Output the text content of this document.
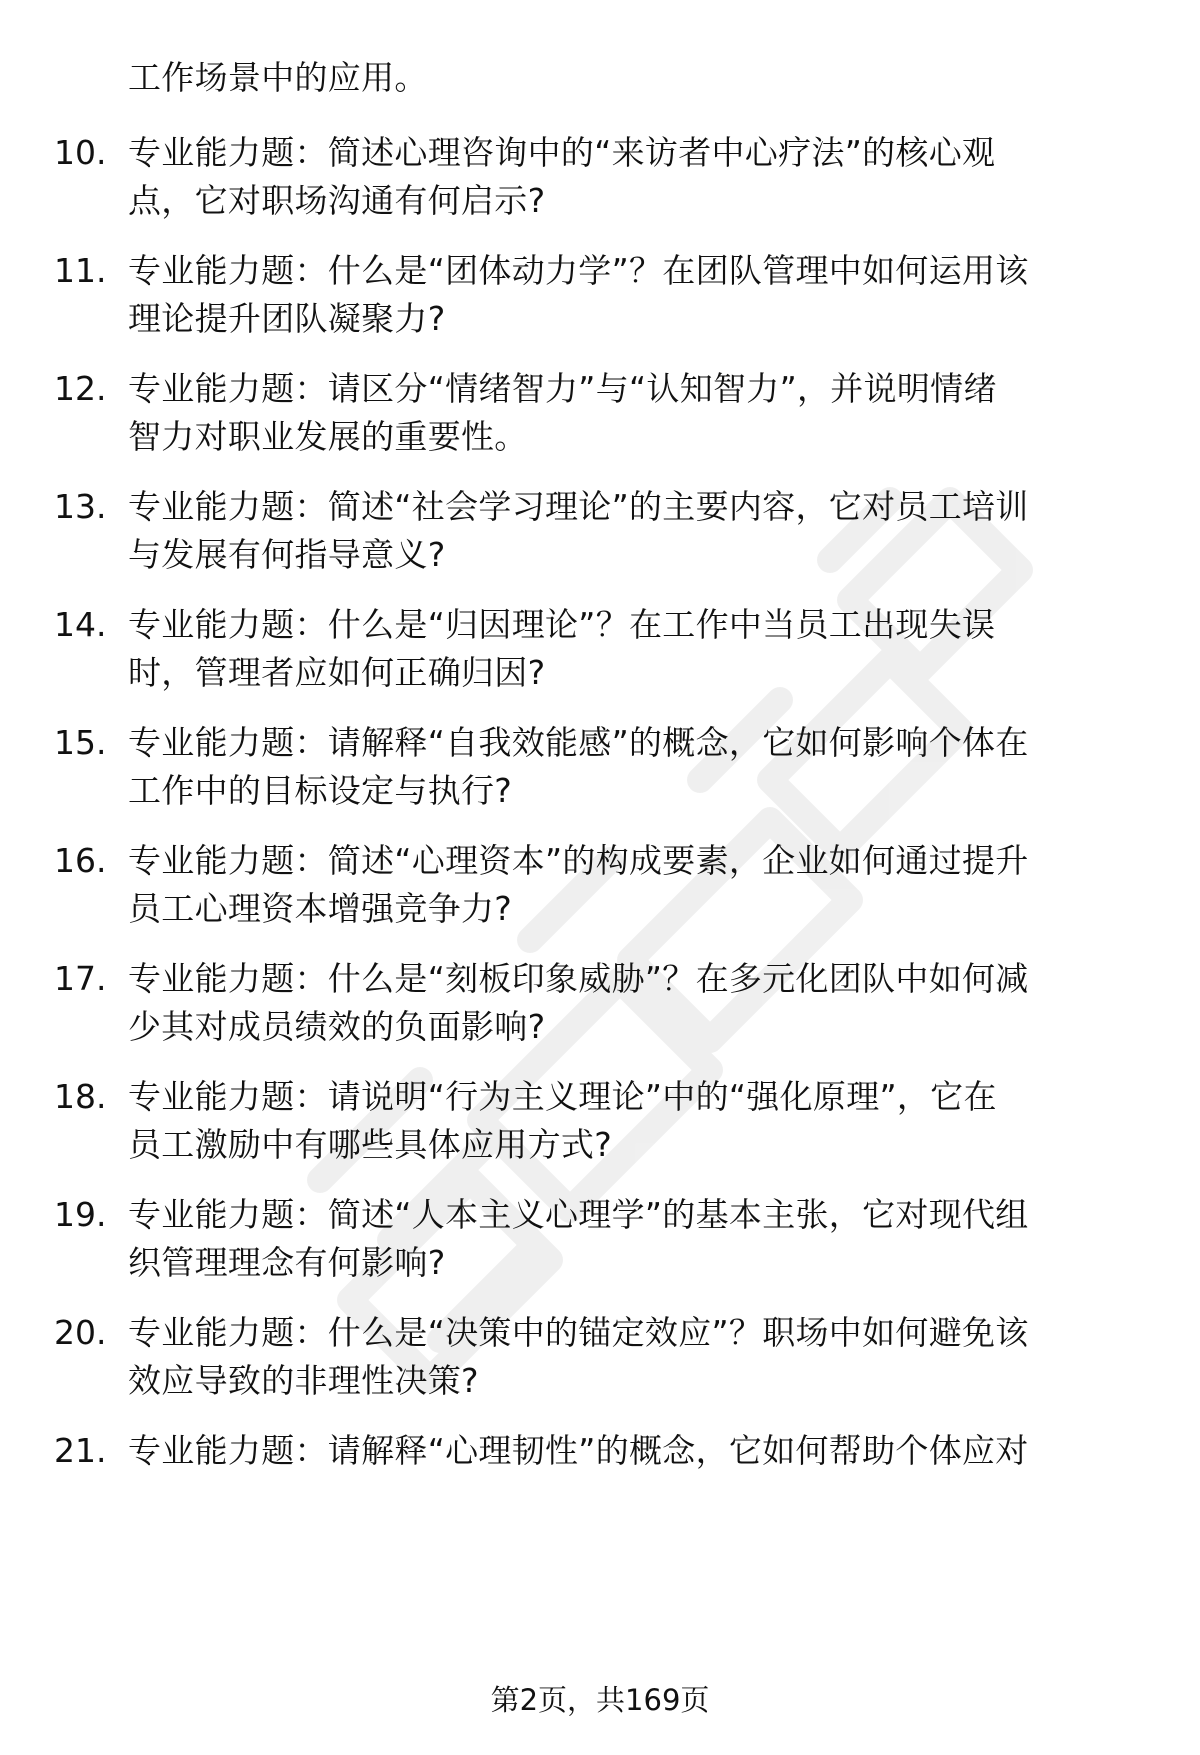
工作场景中的应用。
10. 专业能力题：简述心理咨询中的“来访者中心疗法”的核心观
点，它对职场沟通有何启示?
11. 专业能力题：什么是“团体动力学”？在团队管理中如何运用该
理论提升团队凝聚力?
12. 专业能力题：请区分“情绪智力”与“认知智力”，并说明情绪
智力对职业发展的重要性。
13. 专业能力题：简述“社会学习理论”的主要内容，它对员工培训
与发展有何指导意义?
14. 专业能力题：什么是“归因理论”？在工作中当员工出现失误
时，管理者应如何正确归因?
15. 专业能力题：请解释“自我效能感”的概念，它如何影响个体在
工作中的目标设定与执行?
16. 专业能力题：简述“心理资本”的构成要素，企业如何通过提升
员工心理资本增强竞争力?
17. 专业能力题：什么是“刻板印象威胁”？在多元化团队中如何减
少其对成员绩效的负面影响?
18. 专业能力题：请说明“行为主义理论”中的“强化原理”，它在
员工激励中有哪些具体应用方式?
19. 专业能力题：简述“人本主义心理学”的基本主张，它对现代组
织管理理念有何影响?
20. 专业能力题：什么是“决策中的锚定效应”？职场中如何避免该
效应导致的非理性决策?
21. 专业能力题：请解释“心理韧性”的概念，它如何帮助个体应对
第2页，共169页
